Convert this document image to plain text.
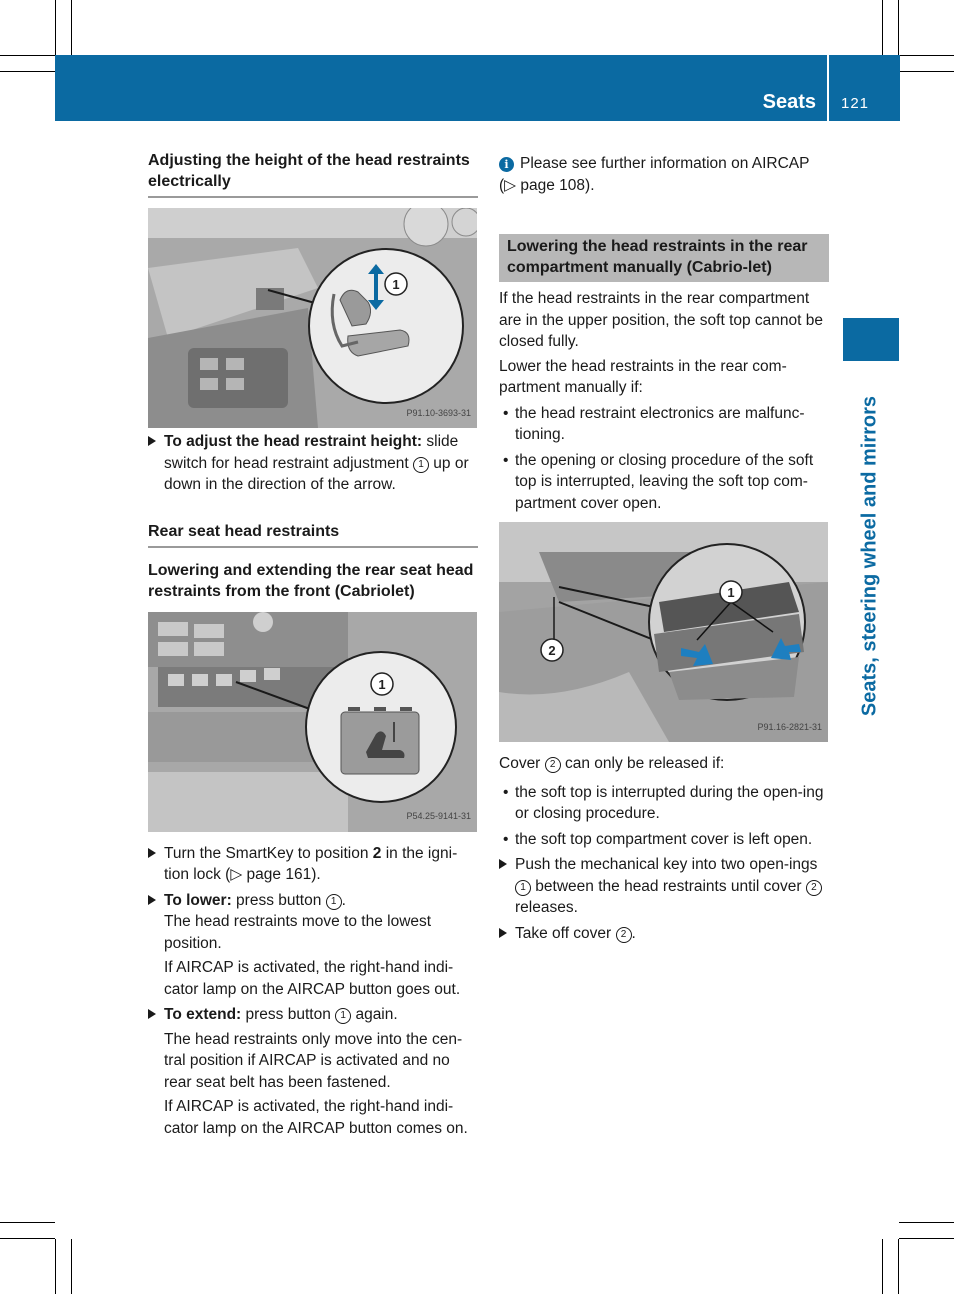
Seats 121
Seats, steering wheel and mirrors
Adjusting the height of the head restraints electrically
1
P91.10-3693-31
To adjust the head restraint height: slide switch for head restraint adjustment 1 up or down in the direction of the arrow.
Rear seat head restraints

Lowering and extending the rear seat head restraints from the front (Cabriolet)

1
P54.25-9141-31
Turn the SmartKey to position 2 in the igni-tion lock (▷ page 161).
To lower: press button 1 .

The head restraints move to the lowest position.

If AIRCAP is activated, the right-hand indi-cator lamp on the AIRCAP button goes out.

To extend: press button 1 again.

The head restraints only move into the cen-tral position if AIRCAP is activated and no rear seat belt has been fastened.

If AIRCAP is activated, the right-hand indi-cator lamp on the AIRCAP button comes on.

i Please see further information on AIRCAP (▷ page 108).

Lowering the head restraints in the rear compartment manually (Cabrio-let)

If the head restraints in the rear compartment are in the upper position, the soft top cannot be closed fully.

Lower the head restraints in the rear com-partment manually if:

• the head restraint electronics are malfunc-tioning.
• the opening or closing procedure of the soft top is interrupted, leaving the soft top com-partment cover open.
1
2
P91.16-2821-31

Cover 2 can only be released if:

• the soft top is interrupted during the open-ing or closing procedure.
• the soft top compartment cover is left open.
Push the mechanical key into two open-ings 1 between the head restraints until cover 2 releases.
Take off cover 2 .
